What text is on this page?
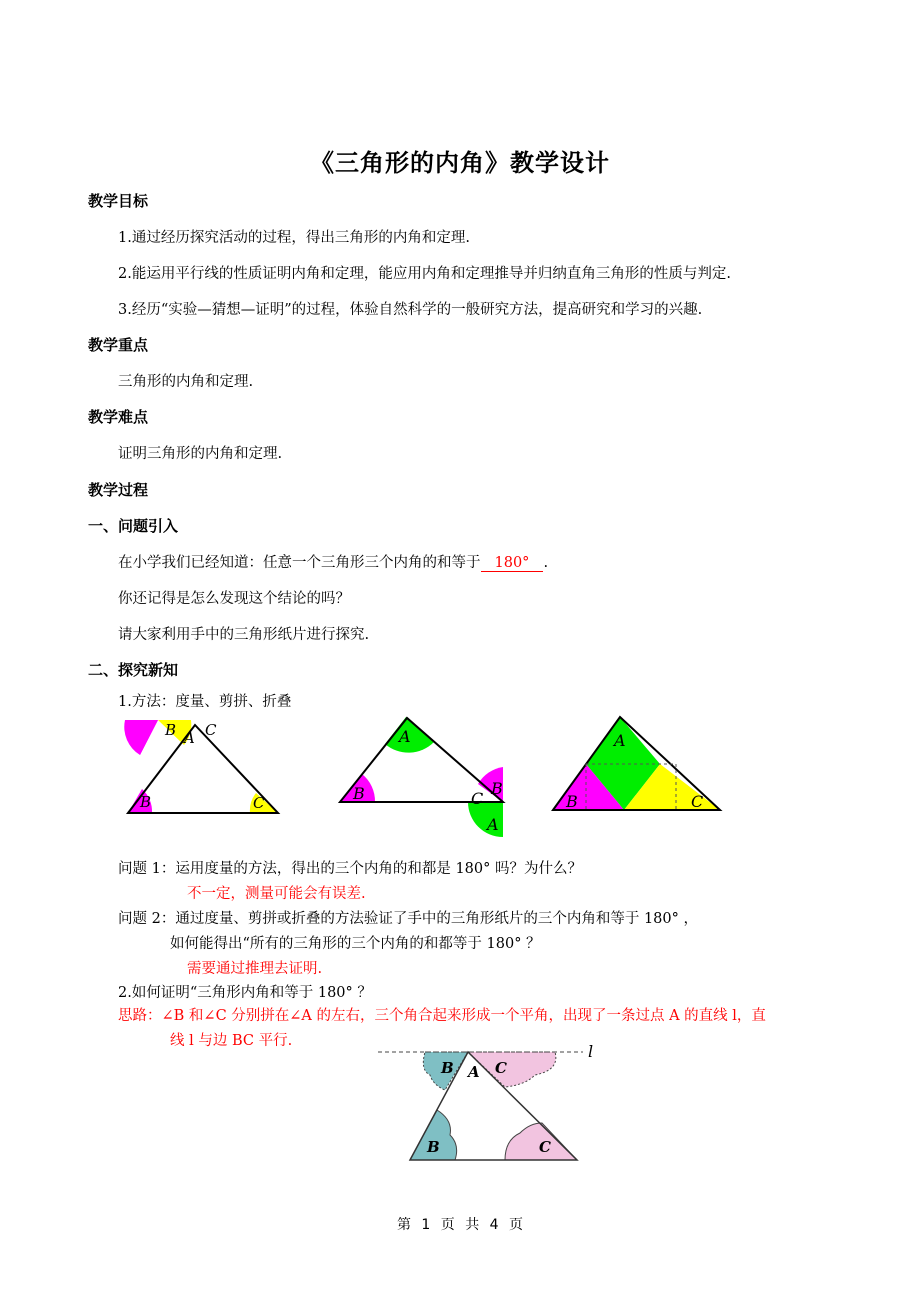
《三角形的内角》教学设计
教学目标
1.通过经历探究活动的过程，得出三角形的内角和定理.
2.能运用平行线的性质证明内角和定理，能应用内角和定理推导并归纳直角三角形的性质与判定.
3.经历“实验—猜想—证明”的过程，体验自然科学的一般研究方法，提高研究和学习的兴趣.
教学重点
三角形的内角和定理.
教学难点
证明三角形的内角和定理.
教学过程
一、问题引入
在小学我们已经知道：任意一个三角形三个内角的和等于 180° .
你还记得是怎么发现这个结论的吗？
请大家利用手中的三角形纸片进行探究.
二、探究新知
1.方法：度量、剪拼、折叠
B A C
B	C
A
B	B
C
A
A
B	C
问题 1：运用度量的方法，得出的三个内角的和都是 180° 吗？为什么？
不一定，测量可能会有误差.
问题 2：通过度量、剪拼或折叠的方法验证了手中的三角形纸片的三个内角和等于 180° ，
如何能得出“所有的三角形的三个内角的和都等于 180° ？
需要通过推理去证明.
2.如何证明“三角形内角和等于 180° ？
思路：∠B 和∠C 分别拼在∠A 的左右，三个角合起来形成一个平角，出现了一条过点 A 的直线 l，直
线 l 与边 BC 平行.
l
B A C
B	C
第 1 页 共 4 页
